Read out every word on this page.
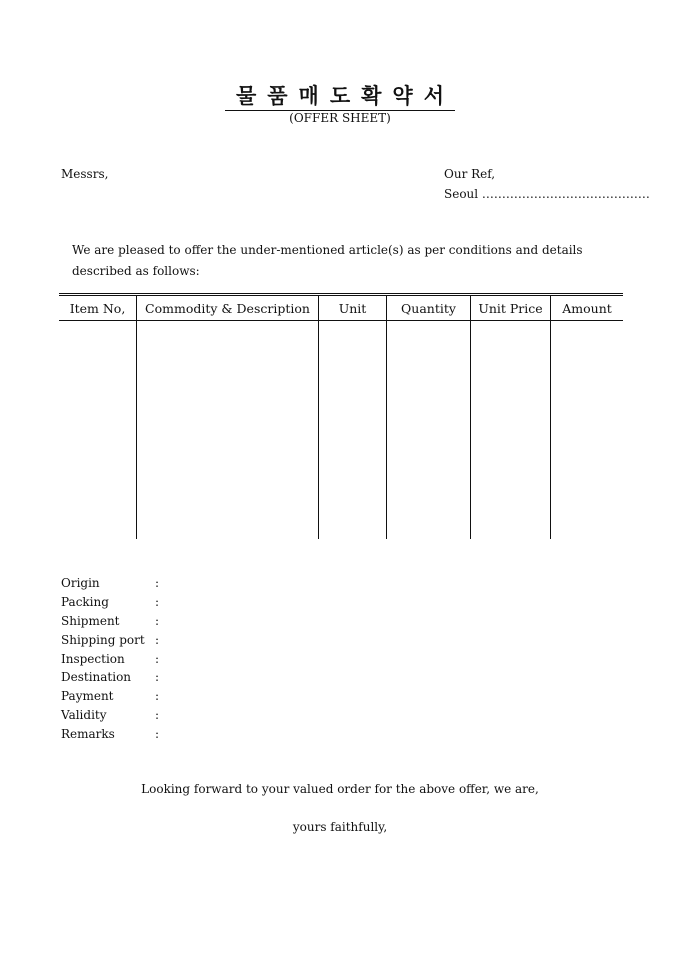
물품매도확약서
(OFFER SHEET)
Messrs,	Our Ref,
Seoul ……………………………………
We are pleased to offer the under-mentioned article(s) as per conditions and details described as follows:
Item No,	Commodity & Description	Unit	Quantity	Unit Price	Amount

Origin	:
Packing	:
Shipment	:
Shipping port :
Inspection	:
Destination :
Payment	:
Validity	:
Remarks	:
Looking forward to your valued order for the above offer, we are,
yours faithfully,
